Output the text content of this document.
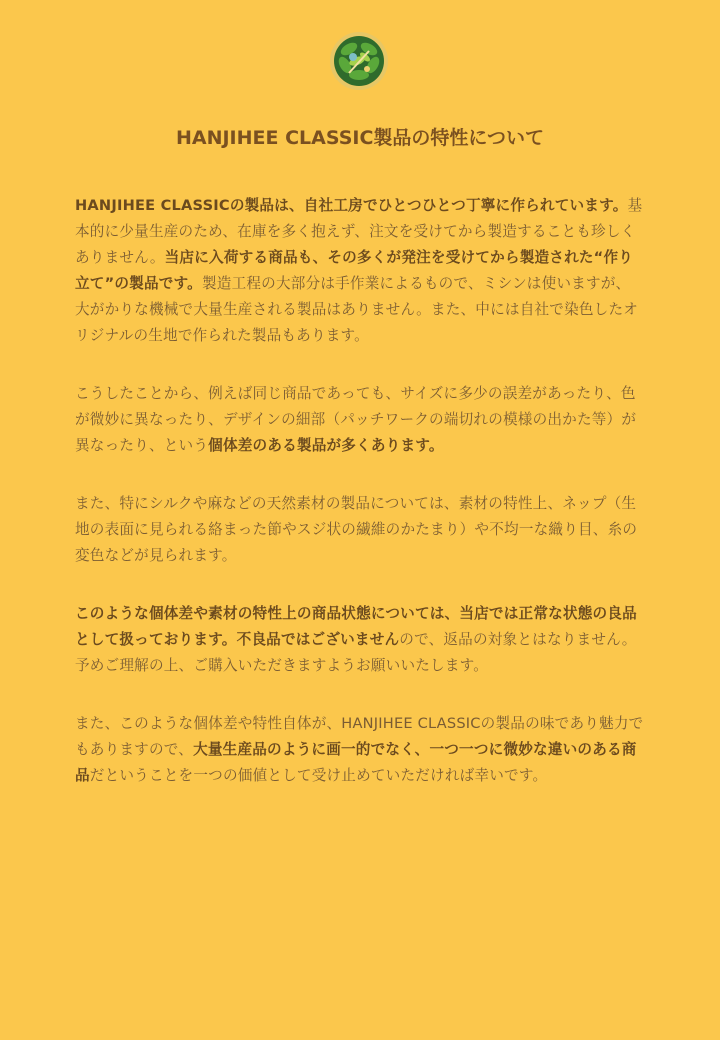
HANJIHEE CLASSIC製品の特性について

HANJIHEE CLASSICの製品は、自社工房でひとつひとつ丁寧に作られています。基本的に少量生産のため、在庫を多く抱えず、注文を受けてから製造することも珍しくありません。当店に入荷する商品も、その多くが発注を受けてから製造された“作り立て”の製品です。製造工程の大部分は手作業によるもので、ミシンは使いますが、大がかりな機械で大量生産される製品はありません。また、中には自社で染色したオリジナルの生地で作られた製品もあります。

こうしたことから、例えば同じ商品であっても、サイズに多少の誤差があったり、色が微妙に異なったり、デザインの細部（パッチワークの端切れの模様の出かた等）が異なったり、という個体差のある製品が多くあります。

また、特にシルクや麻などの天然素材の製品については、素材の特性上、ネップ（生地の表面に見られる絡まった節やスジ状の繊維のかたまり）や不均一な織り目、糸の変色などが見られます。

このような個体差や素材の特性上の商品状態については、当店では正常な状態の良品として扱っております。不良品ではございませんので、返品の対象とはなりません。予めご理解の上、ご購入いただきますようお願いいたします。

また、このような個体差や特性自体が、HANJIHEE CLASSICの製品の味であり魅力でもありますので、大量生産品のように画一的でなく、一つ一つに微妙な違いのある商品だということを一つの価値として受け止めていただければ幸いです。
